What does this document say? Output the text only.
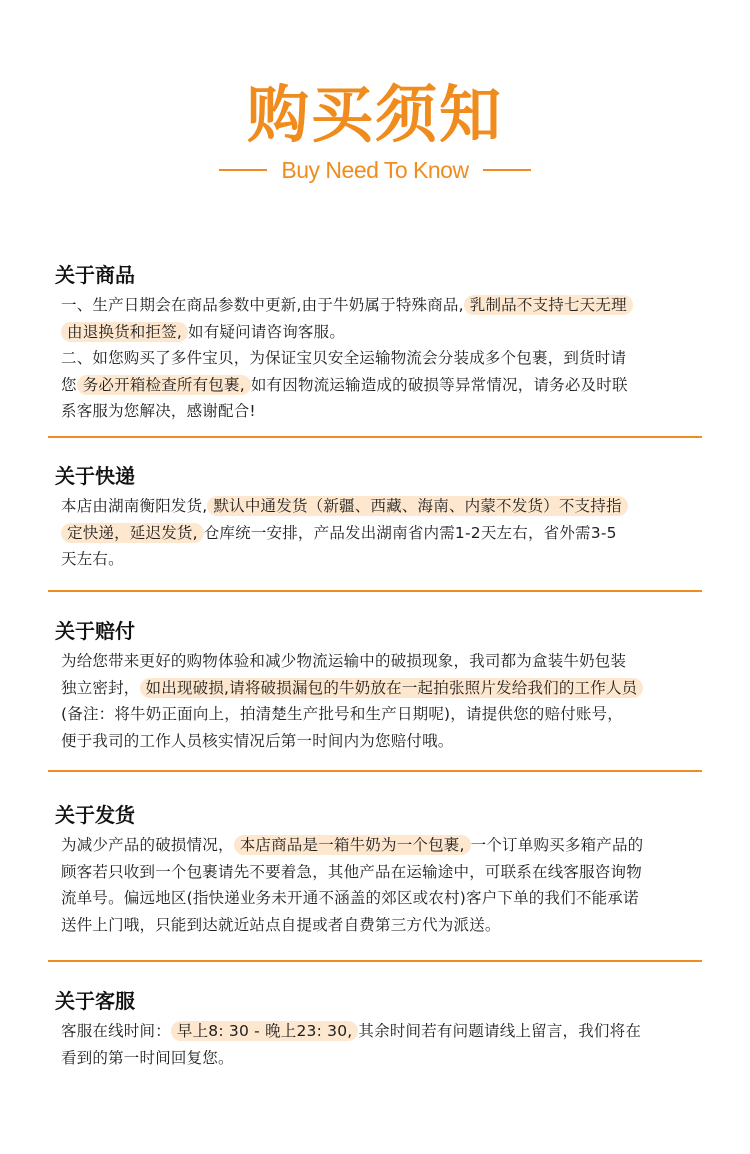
购买须知
Buy Need To Know
关于商品
一、生产日期会在商品参数中更新,由于牛奶属于特殊商品, 乳制品不支持七天无理
由退换货和拒签, 如有疑问请咨询客服。
二、如您购买了多件宝贝，为保证宝贝安全运输物流会分装成多个包裹，到货时请
您 务必开箱检查所有包裹, 如有因物流运输造成的破损等异常情况，请务必及时联
系客服为您解决，感谢配合!
关于快递
本店由湖南衡阳发货, 默认中通发货（新疆、西藏、海南、内蒙不发货）不支持指
定快递，延迟发货, 仓库统一安排，产品发出湖南省内需1-2天左右，省外需3-5
天左右。
关于赔付
为给您带来更好的购物体验和减少物流运输中的破损现象，我司都为盒装牛奶包装
独立密封， 如出现破损,请将破损漏包的牛奶放在一起拍张照片发给我们的工作人员
(备注：将牛奶正面向上，拍清楚生产批号和生产日期呢)，请提供您的赔付账号，
便于我司的工作人员核实情况后第一时间内为您赔付哦。
关于发货
为减少产品的破损情况， 本店商品是一箱牛奶为一个包裹, 一个订单购买多箱产品的
顾客若只收到一个包裹请先不要着急，其他产品在运输途中，可联系在线客服咨询物
流单号。偏远地区(指快递业务未开通不涵盖的郊区或农村)客户下单的我们不能承诺
送件上门哦，只能到达就近站点自提或者自费第三方代为派送。
关于客服
客服在线时间： 早上8: 30 - 晚上23: 30, 其余时间若有问题请线上留言，我们将在
看到的第一时间回复您。
